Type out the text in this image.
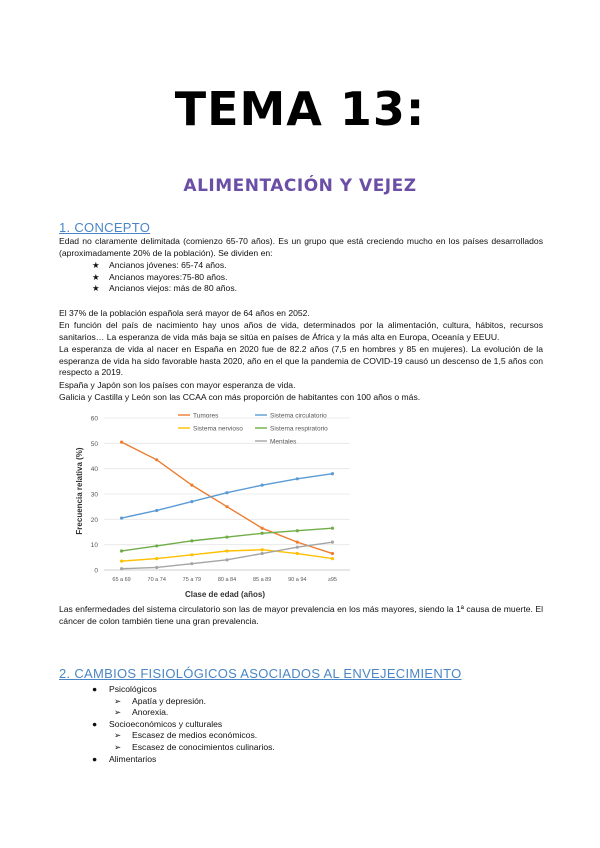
TEMA 13:
ALIMENTACIÓN Y VEJEZ
1. CONCEPTO
Edad no claramente delimitada (comienzo 65-70 años). Es un grupo que está creciendo mucho en los países desarrollados (aproximadamente 20% de la población). Se dividen en:
★ Ancianos jóvenes: 65-74 años.
★ Ancianos mayores:75-80 años.
★ Ancianos viejos: más de 80 años.
El 37% de la población española será mayor de 64 años en 2052.
En función del país de nacimiento hay unos años de vida, determinados por la alimentación, cultura, hábitos, recursos sanitarios… La esperanza de vida más baja se sitúa en países de África y la más alta en Europa, Oceanía y EEUU.
La esperanza de vida al nacer en España en 2020 fue de 82.2 años (7,5 en hombres y 85 en mujeres). La evolución de la esperanza de vida ha sido favorable hasta 2020, año en el que la pandemia de COVID-19 causó un descenso de 1,5 años con respecto a 2019.
España y Japón son los países con mayor esperanza de vida.
Galicia y Castilla y León son las CCAA con más proporción de habitantes con 100 años o más.
0
10
20
30
40
50
60
65 a 69	70 a 74	75 a 79	80 a 84	85 a 89	90 a 94	≥95
Tumores	Sistema circulatorio
Sistema nervioso	Sistema respiratorio
Mentales
Frecuencia relativa (%)
Clase de edad (años)
Las enfermedades del sistema circulatorio son las de mayor prevalencia en los más mayores, siendo la 1ª causa de muerte. El cáncer de colon también tiene una gran prevalencia.
2. CAMBIOS FISIOLÓGICOS ASOCIADOS AL ENVEJECIMIENTO
● Psicológicos
➢ Apatía y depresión.
➢ Anorexia.
● Socioeconómicos y culturales
➢ Escasez de medios económicos.
➢ Escasez de conocimientos culinarios.
● Alimentarios
